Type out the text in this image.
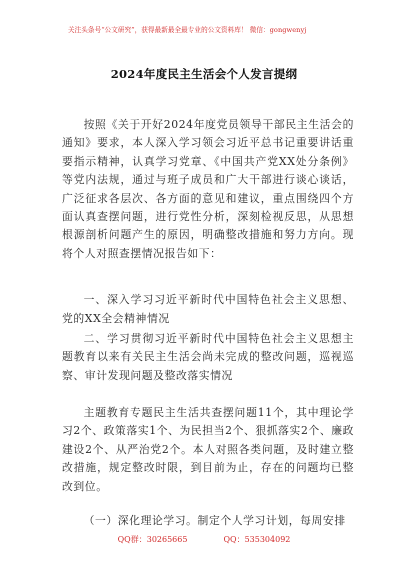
关注头条号“公文研究”，获得最新最全最专业的公文资料库！ 微信：gongwenyj
2024年度民主生活会个人发言提纲

按照《关于开好2024年度党员领导干部民主生活会的通知》要求，本人深入学习领会习近平总书记重要讲话重要指示精神，认真学习党章、《中国共产党XX处分条例》等党内法规，通过与班子成员和广大干部进行谈心谈话，广泛征求各层次、各方面的意见和建议，重点围绕四个方面认真查摆问题，进行党性分析，深刻检视反思，从思想根源剖析问题产生的原因，明确整改措施和努力方向。现将个人对照查摆情况报告如下：

一、深入学习习近平新时代中国特色社会主义思想、党的XX全会精神情况

二、学习贯彻习近平新时代中国特色社会主义思想主题教育以来有关民主生活会尚未完成的整改问题，巡视巡察、审计发现问题及整改落实情况

主题教育专题民主生活共查摆问题11个，其中理论学习2个、政策落实1个、为民担当2个、狠抓落实2个、廉政建设2个、从严治党2个。本人对照各类问题，及时建立整改措施，规定整改时限，到目前为止，存在的问题均已整改到位。

（一）深化理论学习。制定个人学习计划，每周安排

QQ群：30265665	QQ：535304092
